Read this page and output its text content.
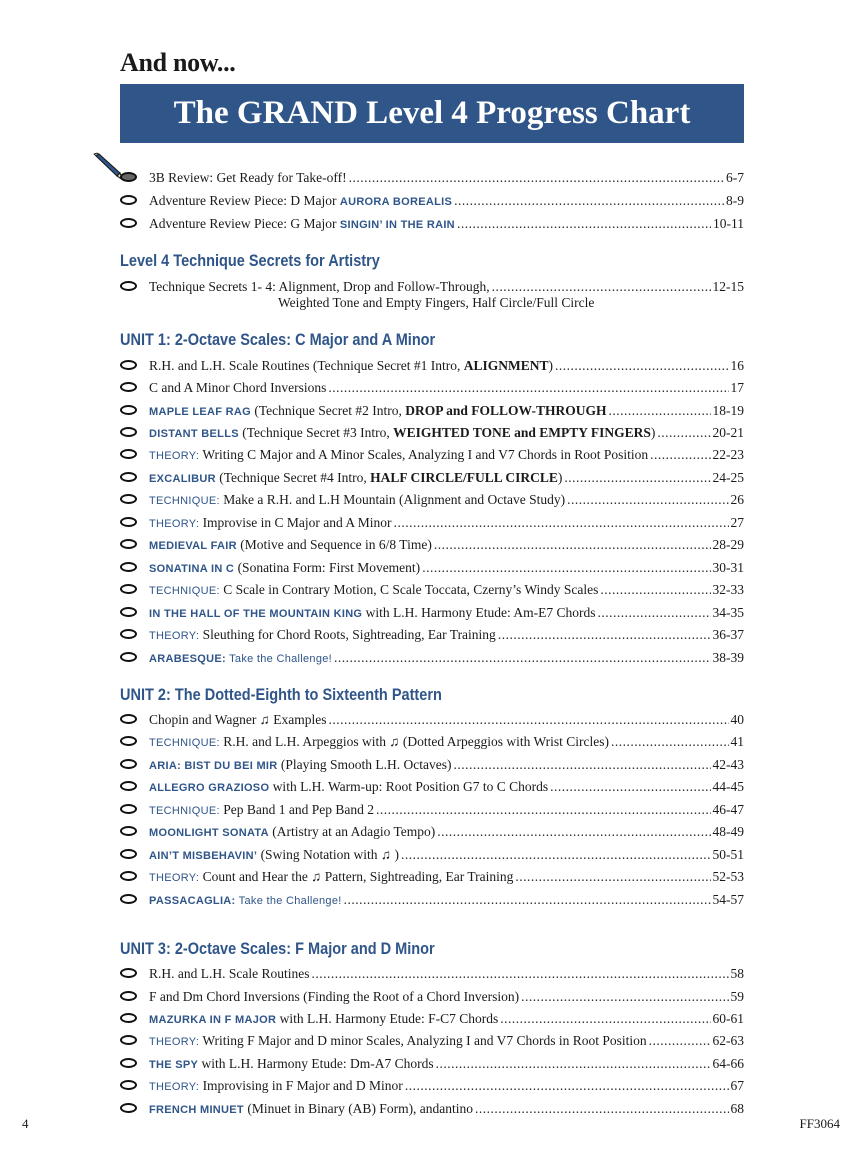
And now...
The GRAND Level 4 Progress Chart
3B Review: Get Ready for Take-off! .....	6-7
Adventure Review Piece: D Major AURORA BOREALIS .....	8-9
Adventure Review Piece: G Major SINGIN’ IN THE RAIN .....	10-11
Level 4 Technique Secrets for Artistry
Technique Secrets 1- 4: Alignment, Drop and Follow-Through, .....	12-15
Weighted Tone and Empty Fingers, Half Circle/Full Circle
UNIT 1: 2-Octave Scales: C Major and A Minor
R.H. and L.H. Scale Routines (Technique Secret #1 Intro, ALIGNMENT) .....	16
C and A Minor Chord Inversions .....	17
MAPLE LEAF RAG (Technique Secret #2 Intro, DROP and FOLLOW-THROUGH .....	18-19
DISTANT BELLS (Technique Secret #3 Intro, WEIGHTED TONE and EMPTY FINGERS) .....	20-21
THEORY: Writing C Major and A Minor Scales, Analyzing I and V7 Chords in Root Position .....	22-23
EXCALIBUR (Technique Secret #4 Intro, HALF CIRCLE/FULL CIRCLE) .....	24-25
TECHNIQUE: Make a R.H. and L.H Mountain (Alignment and Octave Study) .....	26
THEORY: Improvise in C Major and A Minor .....	27
MEDIEVAL FAIR (Motive and Sequence in 6/8 Time) .....	28-29
SONATINA IN C (Sonatina Form: First Movement) .....	30-31
TECHNIQUE: C Scale in Contrary Motion, C Scale Toccata, Czerny’s Windy Scales .....	32-33
IN THE HALL OF THE MOUNTAIN KING with L.H. Harmony Etude: Am-E7 Chords .....	34-35
THEORY: Sleuthing for Chord Roots, Sightreading, Ear Training .....	36-37
ARABESQUE: Take the Challenge! .....	38-39
UNIT 2: The Dotted-Eighth to Sixteenth Pattern
Chopin and Wagner ♫ Examples .....	40
TECHNIQUE: R.H. and L.H. Arpeggios with ♫ (Dotted Arpeggios with Wrist Circles) .....	41
ARIA: BIST DU BEI MIR (Playing Smooth L.H. Octaves) .....	42-43
ALLEGRO GRAZIOSO with L.H. Warm-up: Root Position G7 to C Chords .....	44-45
TECHNIQUE: Pep Band 1 and Pep Band 2 .....	46-47
MOONLIGHT SONATA (Artistry at an Adagio Tempo) .....	48-49
AIN’T MISBEHAVIN’ (Swing Notation with ♫ ) .....	50-51
THEORY: Count and Hear the ♫ Pattern, Sightreading, Ear Training .....	52-53
PASSACAGLIA: Take the Challenge! .....	54-57
UNIT 3: 2-Octave Scales: F Major and D Minor
R.H. and L.H. Scale Routines .....	58
F and Dm Chord Inversions (Finding the Root of a Chord Inversion) .....	59
MAZURKA IN F MAJOR with L.H. Harmony Etude: F-C7 Chords .....	60-61
THEORY: Writing F Major and D minor Scales, Analyzing I and V7 Chords in Root Position .....	62-63
THE SPY with L.H. Harmony Etude: Dm-A7 Chords .....	64-66
THEORY: Improvising in F Major and D Minor .....	67
FRENCH MINUET (Minuet in Binary (AB) Form), andantino .....	68
4	FF3064
